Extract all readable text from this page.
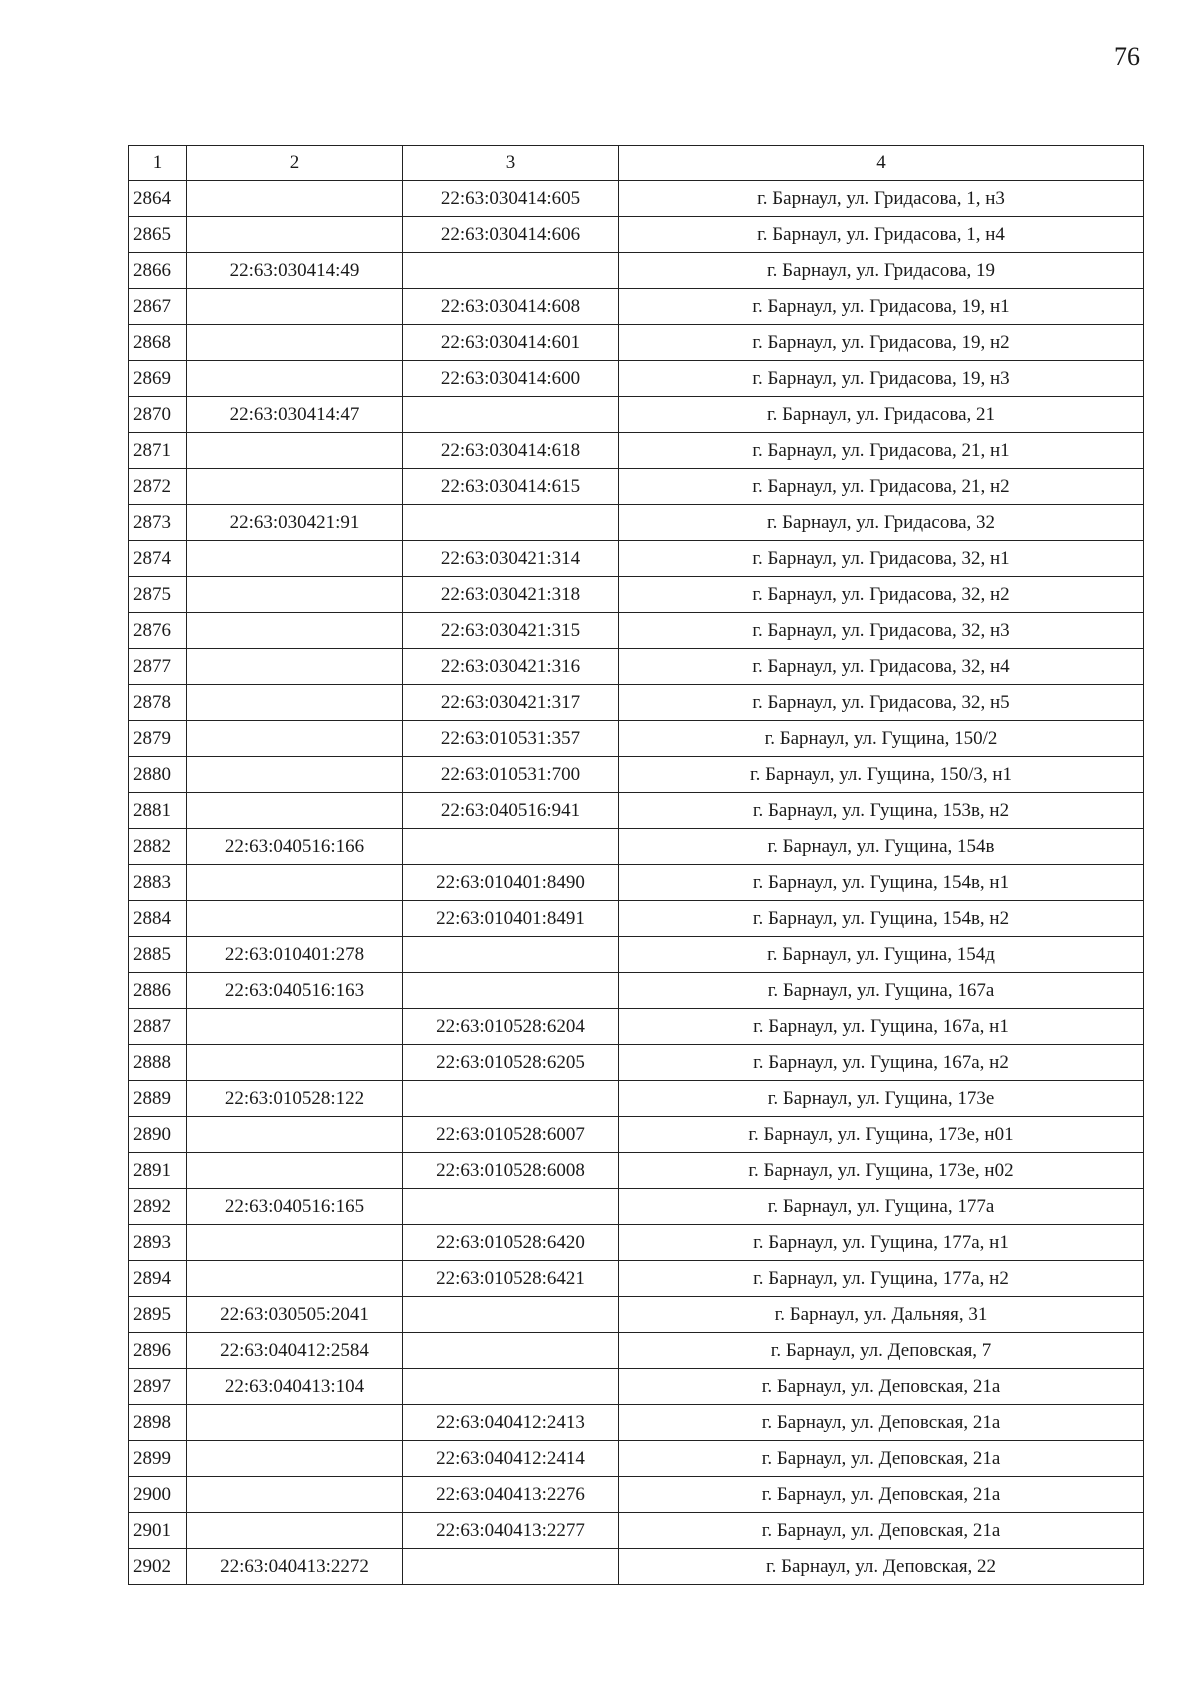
76
1	2	3	4
2864		22:63:030414:605	г. Барнаул, ул. Гридасова, 1, н3
2865		22:63:030414:606	г. Барнаул, ул. Гридасова, 1, н4
2866	22:63:030414:49		г. Барнаул, ул. Гридасова, 19
2867		22:63:030414:608	г. Барнаул, ул. Гридасова, 19, н1
2868		22:63:030414:601	г. Барнаул, ул. Гридасова, 19, н2
2869		22:63:030414:600	г. Барнаул, ул. Гридасова, 19, н3
2870	22:63:030414:47		г. Барнаул, ул. Гридасова, 21
2871		22:63:030414:618	г. Барнаул, ул. Гридасова, 21, н1
2872		22:63:030414:615	г. Барнаул, ул. Гридасова, 21, н2
2873	22:63:030421:91		г. Барнаул, ул. Гридасова, 32
2874		22:63:030421:314	г. Барнаул, ул. Гридасова, 32, н1
2875		22:63:030421:318	г. Барнаул, ул. Гридасова, 32, н2
2876		22:63:030421:315	г. Барнаул, ул. Гридасова, 32, н3
2877		22:63:030421:316	г. Барнаул, ул. Гридасова, 32, н4
2878		22:63:030421:317	г. Барнаул, ул. Гридасова, 32, н5
2879		22:63:010531:357	г. Барнаул, ул. Гущина, 150/2
2880		22:63:010531:700	г. Барнаул, ул. Гущина, 150/3, н1
2881		22:63:040516:941	г. Барнаул, ул. Гущина, 153в, н2
2882	22:63:040516:166		г. Барнаул, ул. Гущина, 154в
2883		22:63:010401:8490	г. Барнаул, ул. Гущина, 154в, н1
2884		22:63:010401:8491	г. Барнаул, ул. Гущина, 154в, н2
2885	22:63:010401:278		г. Барнаул, ул. Гущина, 154д
2886	22:63:040516:163		г. Барнаул, ул. Гущина, 167а
2887		22:63:010528:6204	г. Барнаул, ул. Гущина, 167а, н1
2888		22:63:010528:6205	г. Барнаул, ул. Гущина, 167а, н2
2889	22:63:010528:122		г. Барнаул, ул. Гущина, 173е
2890		22:63:010528:6007	г. Барнаул, ул. Гущина, 173е, н01
2891		22:63:010528:6008	г. Барнаул, ул. Гущина, 173е, н02
2892	22:63:040516:165		г. Барнаул, ул. Гущина, 177а
2893		22:63:010528:6420	г. Барнаул, ул. Гущина, 177а, н1
2894		22:63:010528:6421	г. Барнаул, ул. Гущина, 177а, н2
2895	22:63:030505:2041		г. Барнаул, ул. Дальняя, 31
2896	22:63:040412:2584		г. Барнаул, ул. Деповская, 7
2897	22:63:040413:104		г. Барнаул, ул. Деповская, 21а
2898		22:63:040412:2413	г. Барнаул, ул. Деповская, 21а
2899		22:63:040412:2414	г. Барнаул, ул. Деповская, 21а
2900		22:63:040413:2276	г. Барнаул, ул. Деповская, 21а
2901		22:63:040413:2277	г. Барнаул, ул. Деповская, 21а
2902	22:63:040413:2272		г. Барнаул, ул. Деповская, 22
